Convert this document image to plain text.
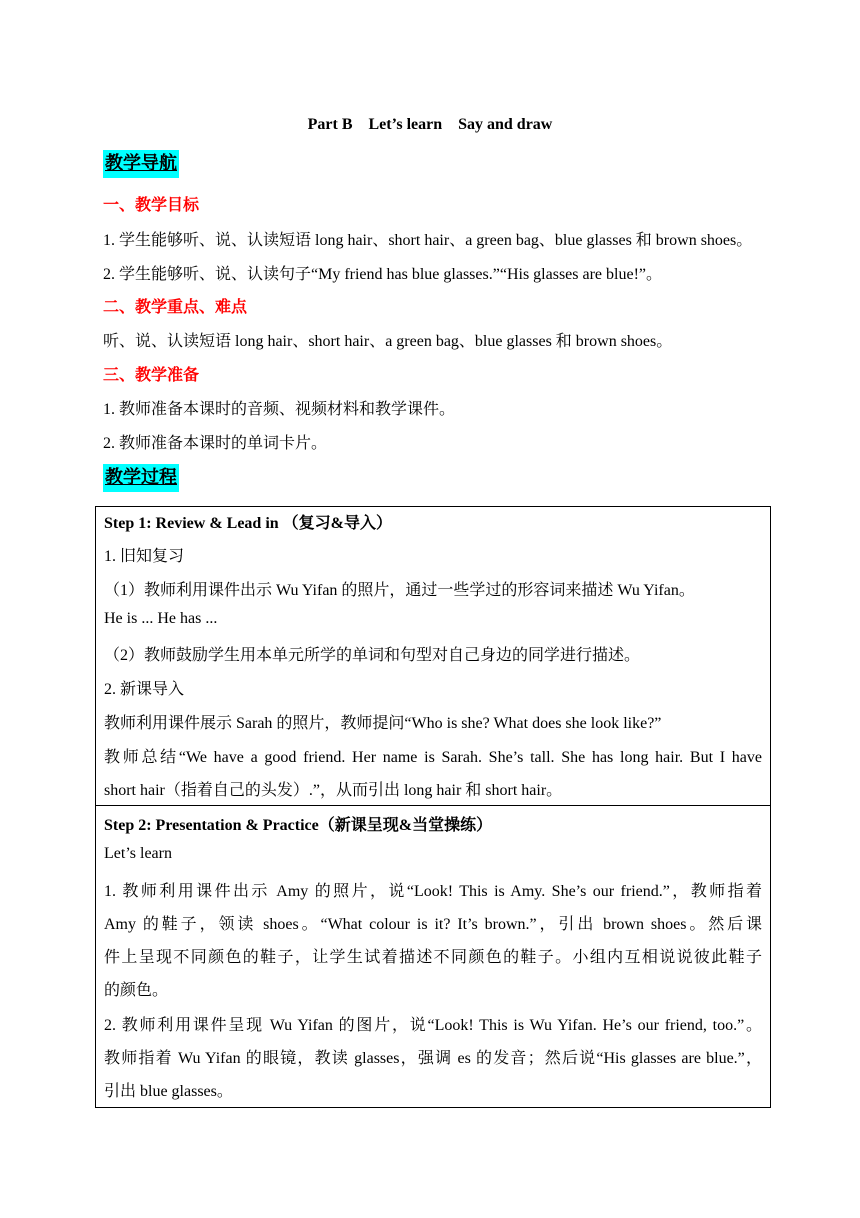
Part B    Let’s learn    Say and draw
教学导航
一、教学目标
1. 学生能够听、说、认读短语 long hair、short hair、a green bag、blue glasses 和 brown shoes。
2. 学生能够听、说、认读句子“My friend has blue glasses.”“His glasses are blue!”。
二、教学重点、难点
听、说、认读短语 long hair、short hair、a green bag、blue glasses 和 brown shoes。
三、教学准备
1. 教师准备本课时的音频、视频材料和教学课件。
2. 教师准备本课时的单词卡片。
教学过程
Step 1: Review & Lead in （复习&导入）
1. 旧知复习
（1）教师利用课件出示 Wu Yifan 的照片，通过一些学过的形容词来描述 Wu Yifan。
He is ... He has ...
（2）教师鼓励学生用本单元所学的单词和句型对自己身边的同学进行描述。
2. 新课导入
教师利用课件展示 Sarah 的照片，教师提问“Who is she? What does she look like?”
教师总结“We have a good friend. Her name is Sarah. She’s tall. She has long hair. But I have
short hair（指着自己的头发）.”，从而引出 long hair 和 short hair。
Step 2: Presentation & Practice（新课呈现&当堂操练）
Let’s learn
1. 教师利用课件出示 Amy 的照片，说“Look! This is Amy. She’s our friend.”，教师指着
Amy 的鞋子，领读 shoes。“What colour is it? It’s brown.”，引出 brown shoes。然后课
件上呈现不同颜色的鞋子，让学生试着描述不同颜色的鞋子。小组内互相说说彼此鞋子
的颜色。
2. 教师利用课件呈现 Wu Yifan 的图片，说“Look! This is Wu Yifan. He’s our friend, too.”。
教师指着 Wu Yifan 的眼镜，教读 glasses，强调 es 的发音；然后说“His glasses are blue.”，
引出 blue glasses。
